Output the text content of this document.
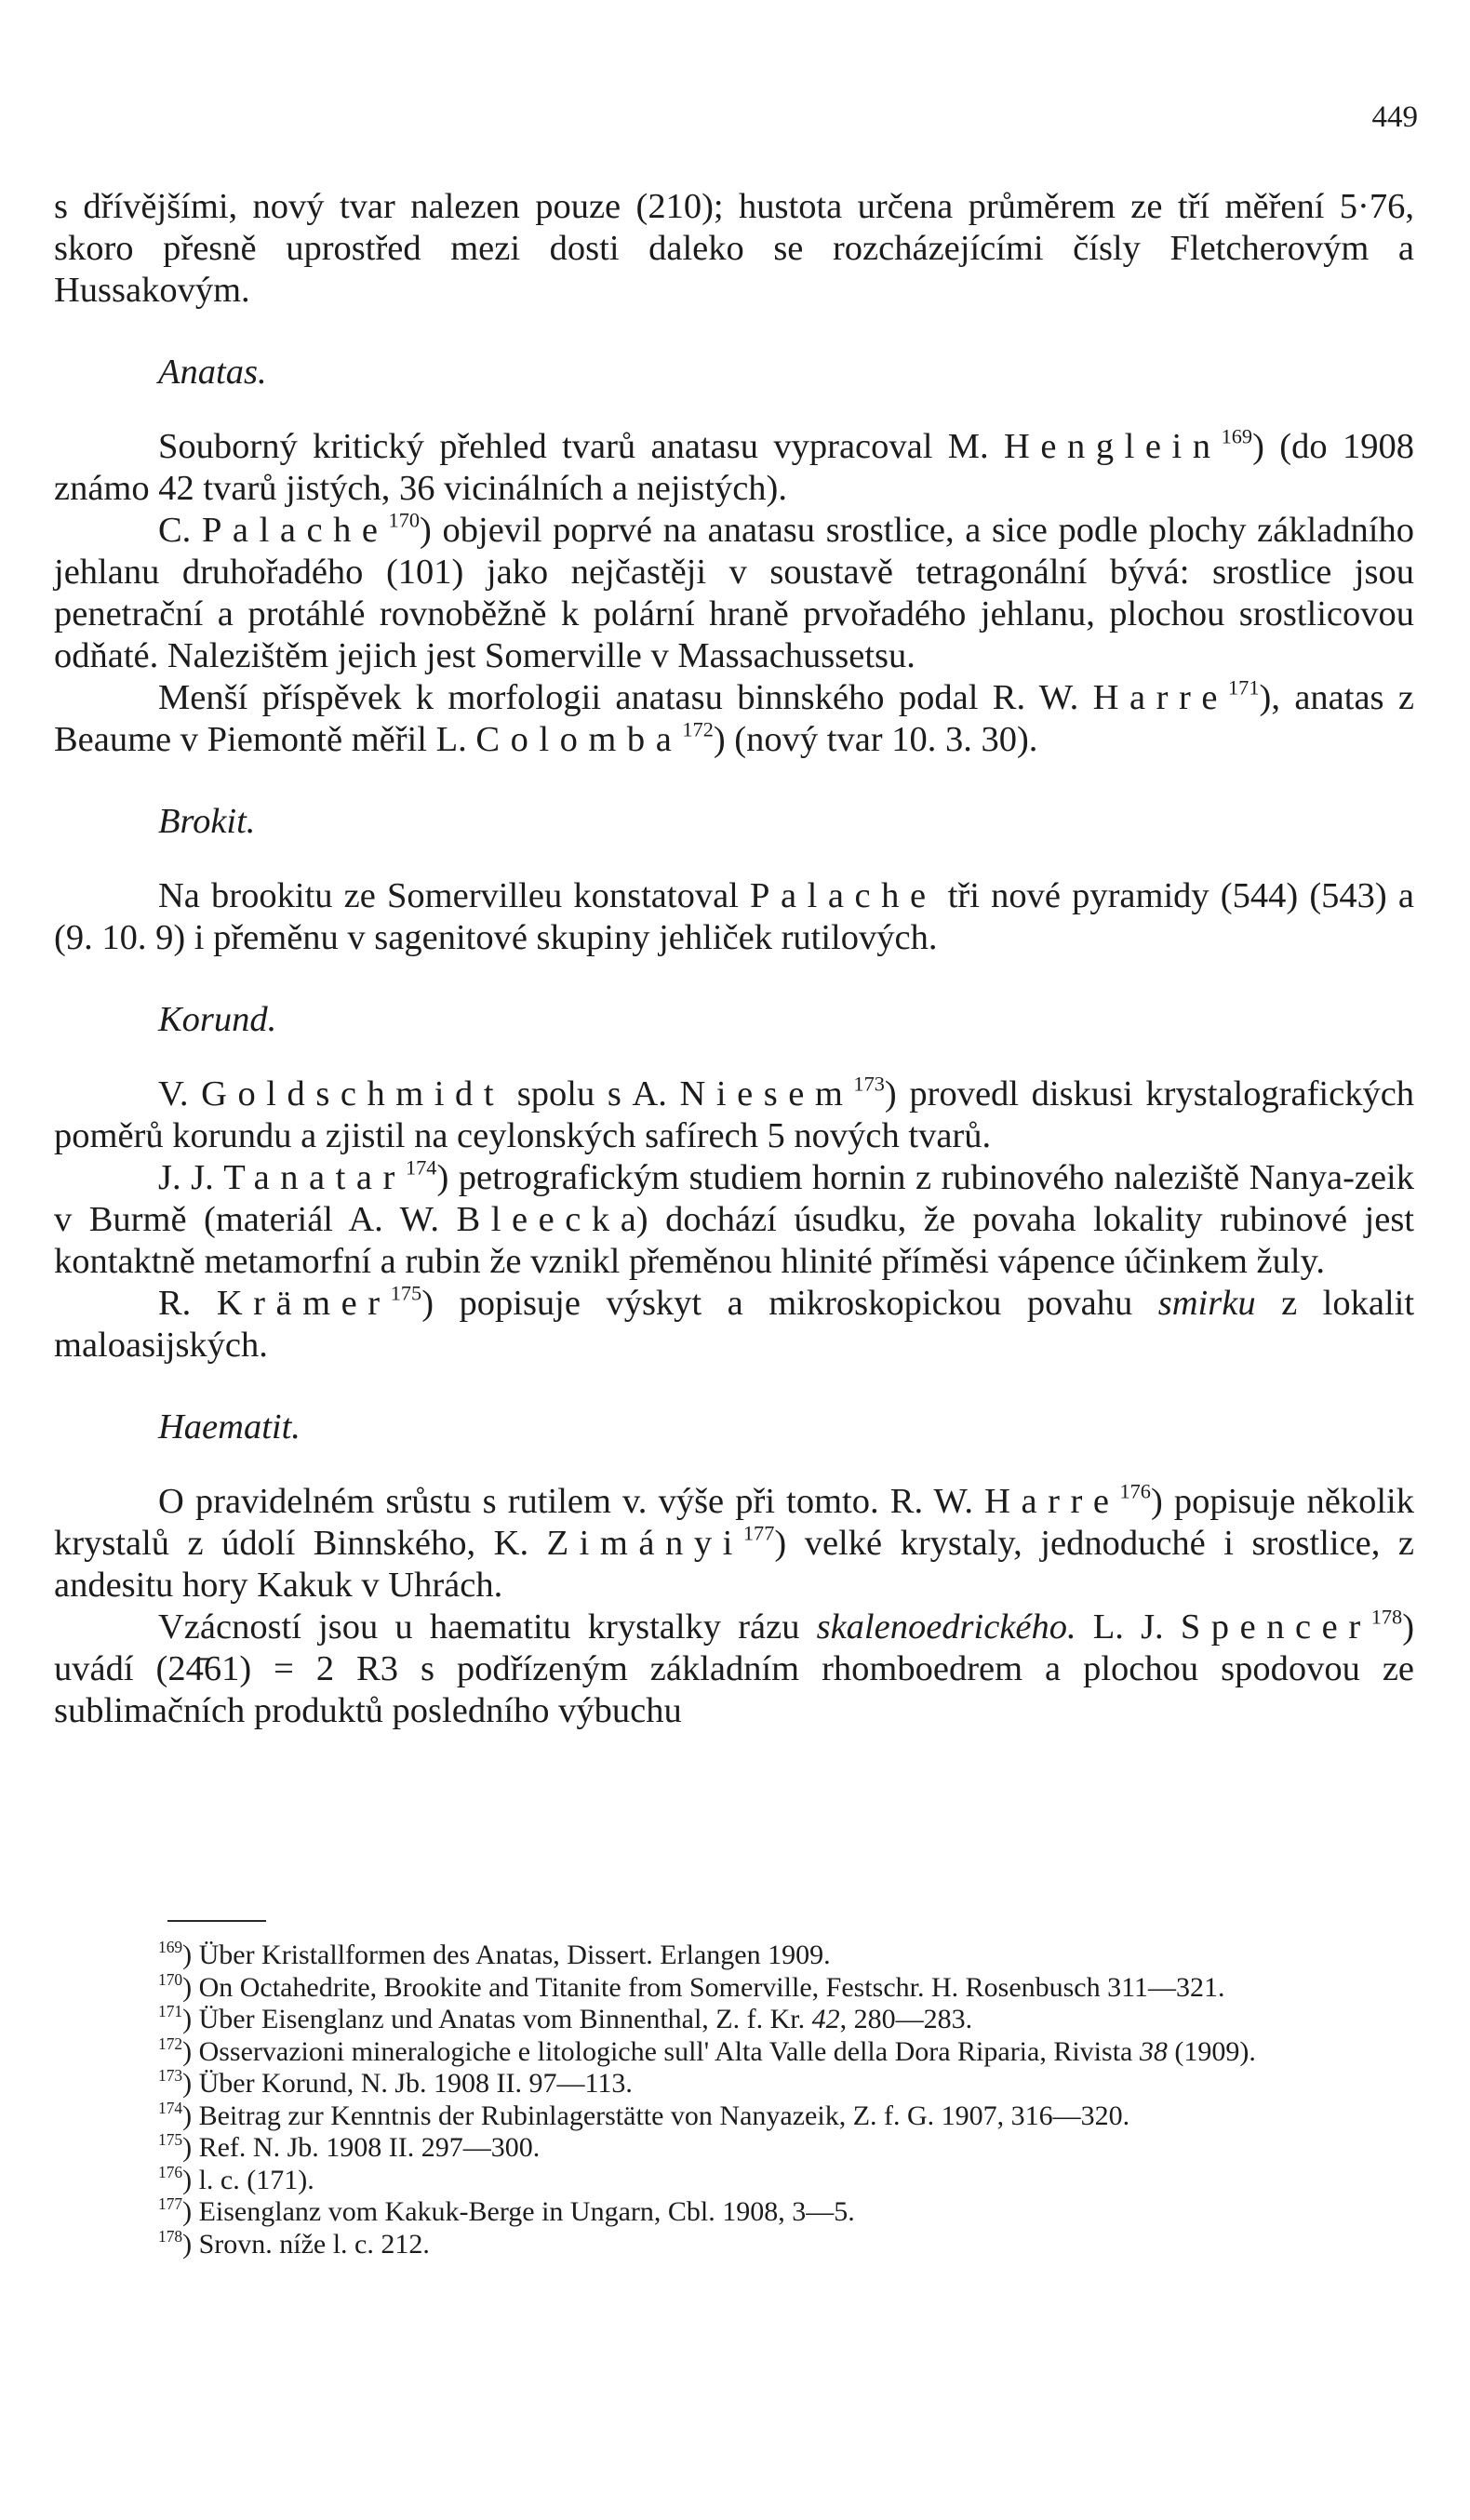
449

s dřívějšími, nový tvar nalezen pouze (210); hustota určena průměrem ze tří měření 5·76, skoro přesně uprostřed mezi dosti daleko se rozcházejícími čísly Fletcherovým a Hussakovým.

Anatas.

Souborný kritický přehled tvarů anatasu vypracoval M. Henglein$^{169}$) (do 1908 známo 42 tvarů jistých, 36 vicinálních a nejistých).

C. Palache$^{170}$) objevil poprvé na anatasu srostlice, a sice podle plochy základního jehlanu druhořadého (101) jako nejčastěji v soustavě tetragonální bývá: srostlice jsou penetrační a protáhlé rovnoběžně k polární hraně prvořadého jehlanu, plochou srostlicovou odňaté. Nalezištěm jejich jest Somerville v Massachussetsu.

Menší příspěvek k morfologii anatasu binnského podal R. W. Harre$^{171}$), anatas z Beaume v Piemontě měřil L. Colomba$^{172}$) (nový tvar 10. 3. 30).

Brokit.

Na brookitu ze Somervilleu konstatoval Palache tři nové pyramidy (544) (543) a (9. 10. 9) i přeměnu v sagenitové skupiny jehliček rutilových.

Korund.

V. Goldschmidt spolu s A. Niesem$^{173}$) provedl diskusi krystalografických poměrů korundu a zjistil na ceylonských safírech 5 nových tvarů.

J. J. Tanatar$^{174}$) petrografickým studiem hornin z rubinového naleziště Nanya-zeik v Burmě (materiál A. W. Bleecka) dochází úsudku, že povaha lokality rubinové jest kontaktně metamorfní a rubin že vznikl přeměnou hlinité příměsi vápence účinkem žuly.

R. Krämer$^{175}$) popisuje výskyt a mikroskopickou povahu smirku z lokalit maloasijských.

Haematit.

O pravidelném srůstu s rutilem v. výše při tomto. R. W. Harre$^{176}$) popisuje několik krystalů z údolí Binnského, K. Zimányi$^{177}$) velké krystaly, jednoduché i srostlice, z andesitu hory Kakuk v Uhrách.

Vzácností jsou u haematitu krystalky rázu skalenoedrického. L. J. Spencer$^{178}$) uvádí (24̄61) = 2 R3 s podřízeným základním rhomboedrem a plochou spodovou ze sublimačních produktů posledního výbuchu

$^{169}$) Über Kristallformen des Anatas, Dissert. Erlangen 1909.

$^{170}$) On Octahedrite, Brookite and Titanite from Somerville, Festschr. H. Rosenbusch 311—321.

$^{171}$) Über Eisenglanz und Anatas vom Binnenthal, Z. f. Kr. 42, 280—283.

$^{172}$) Osservazioni mineralogiche e litologiche sull' Alta Valle della Dora Riparia, Rivista 38 (1909).

$^{173}$) Über Korund, N. Jb. 1908 II. 97—113.

$^{174}$) Beitrag zur Kenntnis der Rubinlagerstätte von Nanyazeik, Z. f. G. 1907, 316—320.

$^{175}$) Ref. N. Jb. 1908 II. 297—300.

$^{176}$) l. c. (171).

$^{177}$) Eisenglanz vom Kakuk-Berge in Ungarn, Cbl. 1908, 3—5.

$^{178}$) Srovn. níže l. c. 212.
